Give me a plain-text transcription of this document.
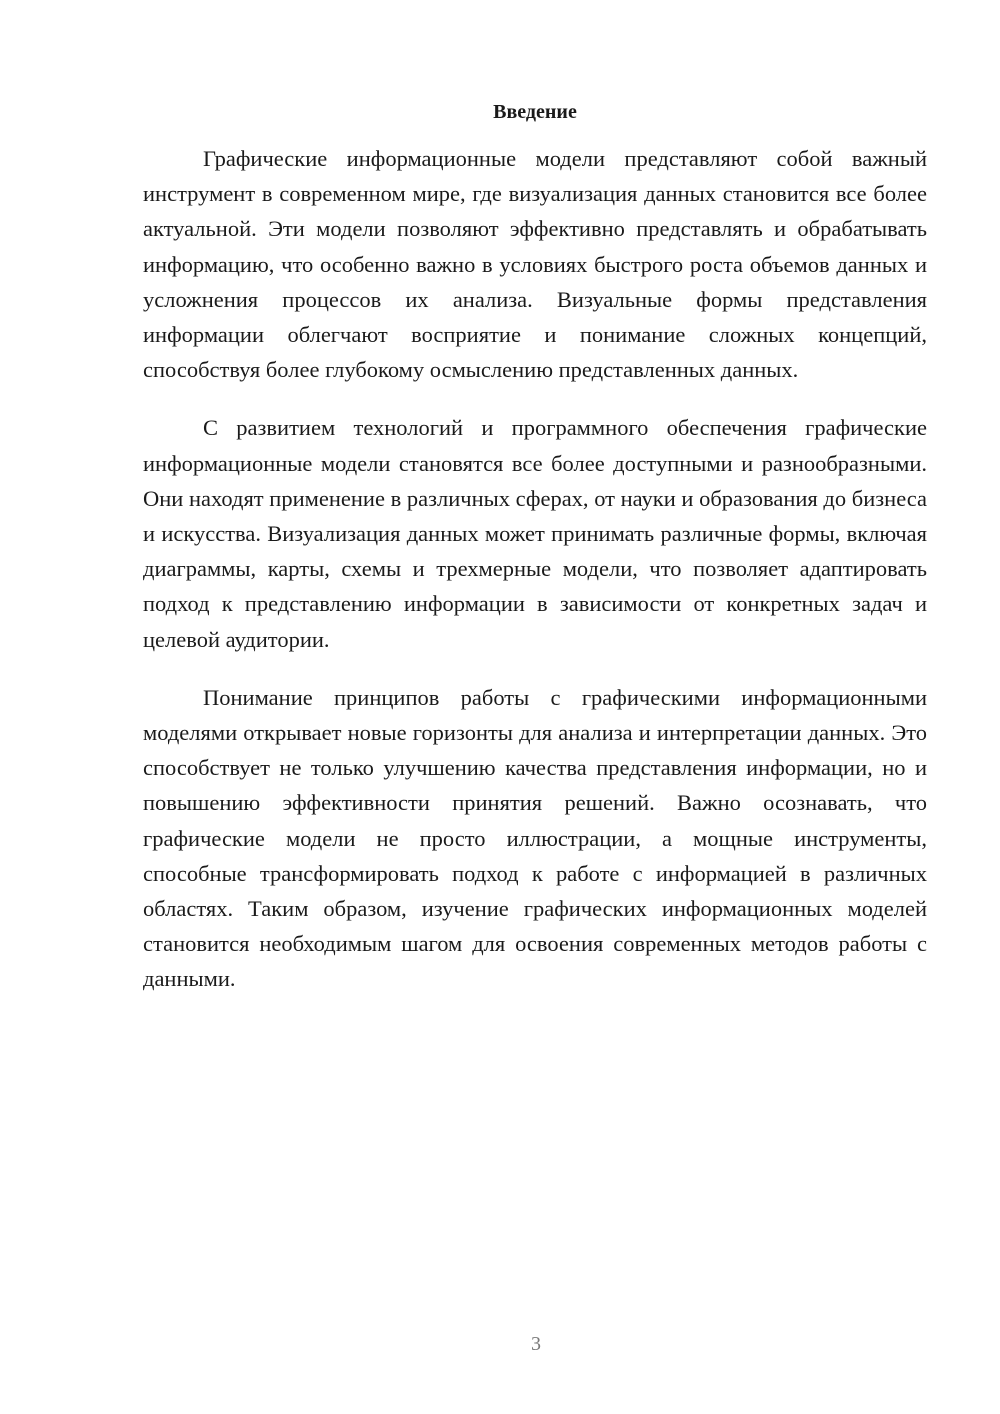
Введение

Графические информационные модели представляют собой важный инструмент в современном мире, где визуализация данных становится все более актуальной. Эти модели позволяют эффективно представлять и обрабатывать информацию, что особенно важно в условиях быстрого роста объемов данных и усложнения процессов их анализа. Визуальные формы представления информации облегчают восприятие и понимание сложных концепций, способствуя более глубокому осмыслению представленных данных.

С развитием технологий и программного обеспечения графические информационные модели становятся все более доступными и разнообразными. Они находят применение в различных сферах, от науки и образования до бизнеса и искусства. Визуализация данных может принимать различные формы, включая диаграммы, карты, схемы и трехмерные модели, что позволяет адаптировать подход к представлению информации в зависимости от конкретных задач и целевой аудитории.

Понимание принципов работы с графическими информационными моделями открывает новые горизонты для анализа и интерпретации данных. Это способствует не только улучшению качества представления информации, но и повышению эффективности принятия решений. Важно осознавать, что графические модели не просто иллюстрации, а мощные инструменты, способные трансформировать подход к работе с информацией в различных областях. Таким образом, изучение графических информационных моделей становится необходимым шагом для освоения современных методов работы с данными.

3
